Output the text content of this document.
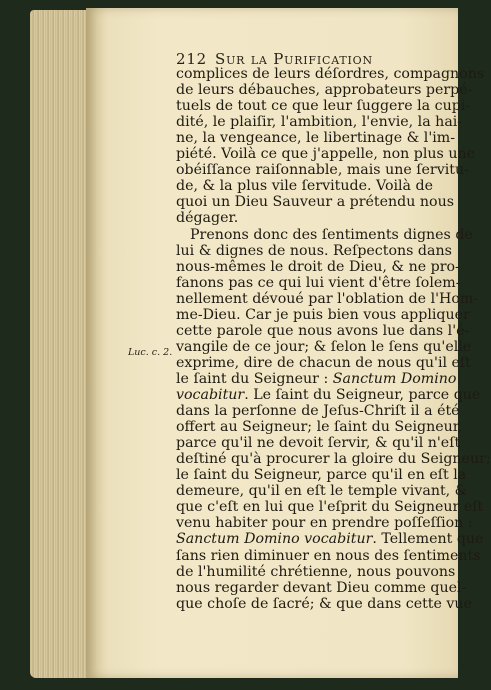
212 Sur la Purification
Luc. c. 2.
complices de leurs déſordres, compagnons
de leurs débauches, approbateurs perpé-
tuels de tout ce que leur ſuggere la cupi-
dité, le plaiſir, l'ambition, l'envie, la hai-
ne, la vengeance, le libertinage & l'im-
piété. Voilà ce que j'appelle, non plus une
obéiſſance raiſonnable, mais une ſervitu-
de, & la plus vile ſervitude. Voilà de
quoi un Dieu Sauveur a prétendu nous
dégager.
Prenons donc des ſentiments dignes de
lui & dignes de nous. Reſpectons dans
nous-mêmes le droit de Dieu, & ne pro-
fanons pas ce qui lui vient d'être ſolem-
nellement dévoué par l'oblation de l'Hom-
me-Dieu. Car je puis bien vous appliquer
cette parole que nous avons lue dans l'é-
vangile de ce jour; & ſelon le ſens qu'elle
exprime, dire de chacun de nous qu'il eſt
le ſaint du Seigneur : Sanctum Domino
vocabitur. Le ſaint du Seigneur, parce que
dans la perſonne de Jeſus-Chriſt il a été
offert au Seigneur; le ſaint du Seigneur,
parce qu'il ne devoit ſervir, & qu'il n'eſt
deſtiné qu'à procurer la gloire du Seigneur;
le ſaint du Seigneur, parce qu'il en eſt la
demeure, qu'il en eſt le temple vivant, &
que c'eſt en lui que l'eſprit du Seigneur eſt
venu habiter pour en prendre poſſeſſion :
Sanctum Domino vocabitur. Tellement que
ſans rien diminuer en nous des ſentiments
de l'humilité chrétienne, nous pouvons
nous regarder devant Dieu comme quel-
que choſe de ſacré; & que dans cette vue
